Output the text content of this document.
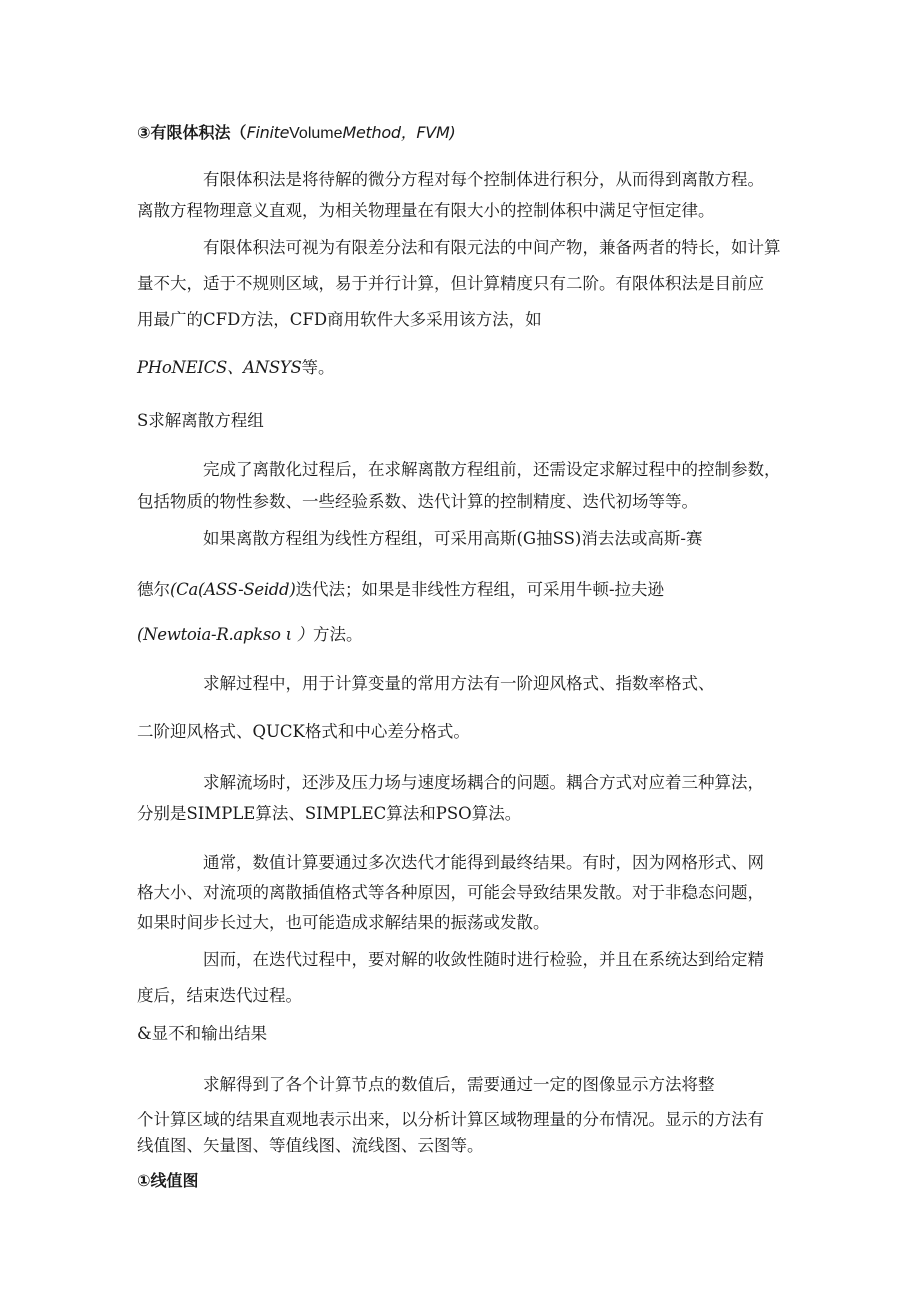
③有限体积法（FiniteVolumeMethod，FVM)
有限体积法是将待解的微分方程对每个控制体进行积分，从而得到离散方程。
离散方程物理意义直观，为相关物理量在有限大小的控制体积中满足守恒定律。
有限体积法可视为有限差分法和有限元法的中间产物，兼备两者的特长，如计算
量不大，适于不规则区域，易于并行计算，但计算精度只有二阶。有限体积法是目前应
用最广的CFD方法，CFD商用软件大多采用该方法，如
PHoNEICS、ANSYS等。
S求解离散方程组
完成了离散化过程后，在求解离散方程组前，还需设定求解过程中的控制参数，
包括物质的物性参数、一些经验系数、迭代计算的控制精度、迭代初场等等。
如果离散方程组为线性方程组，可采用高斯(G抽SS)消去法或高斯-赛
德尔(Ca(ASS-Seidd)迭代法；如果是非线性方程组，可采用牛顿-拉夫逊
(Newtoia-R.apkso ι ）方法。
求解过程中，用于计算变量的常用方法有一阶迎风格式、指数率格式、
二阶迎风格式、QUCK格式和中心差分格式。
求解流场时，还涉及压力场与速度场耦合的问题。耦合方式对应着三种算法，
分别是SIMPLE算法、SIMPLEC算法和PSO算法。
通常，数值计算要通过多次迭代才能得到最终结果。有时，因为网格形式、网
格大小、对流项的离散插值格式等各种原因，可能会导致结果发散。对于非稳态问题，
如果时间步长过大，也可能造成求解结果的振荡或发散。
因而，在迭代过程中，要对解的收敛性随时进行检验，并且在系统达到给定精
度后，结束迭代过程。
&显不和输出结果
求解得到了各个计算节点的数值后，需要通过一定的图像显示方法将整
个计算区域的结果直观地表示出来，以分析计算区域物理量的分布情况。显示的方法有
线值图、矢量图、等值线图、流线图、云图等。
①线值图
